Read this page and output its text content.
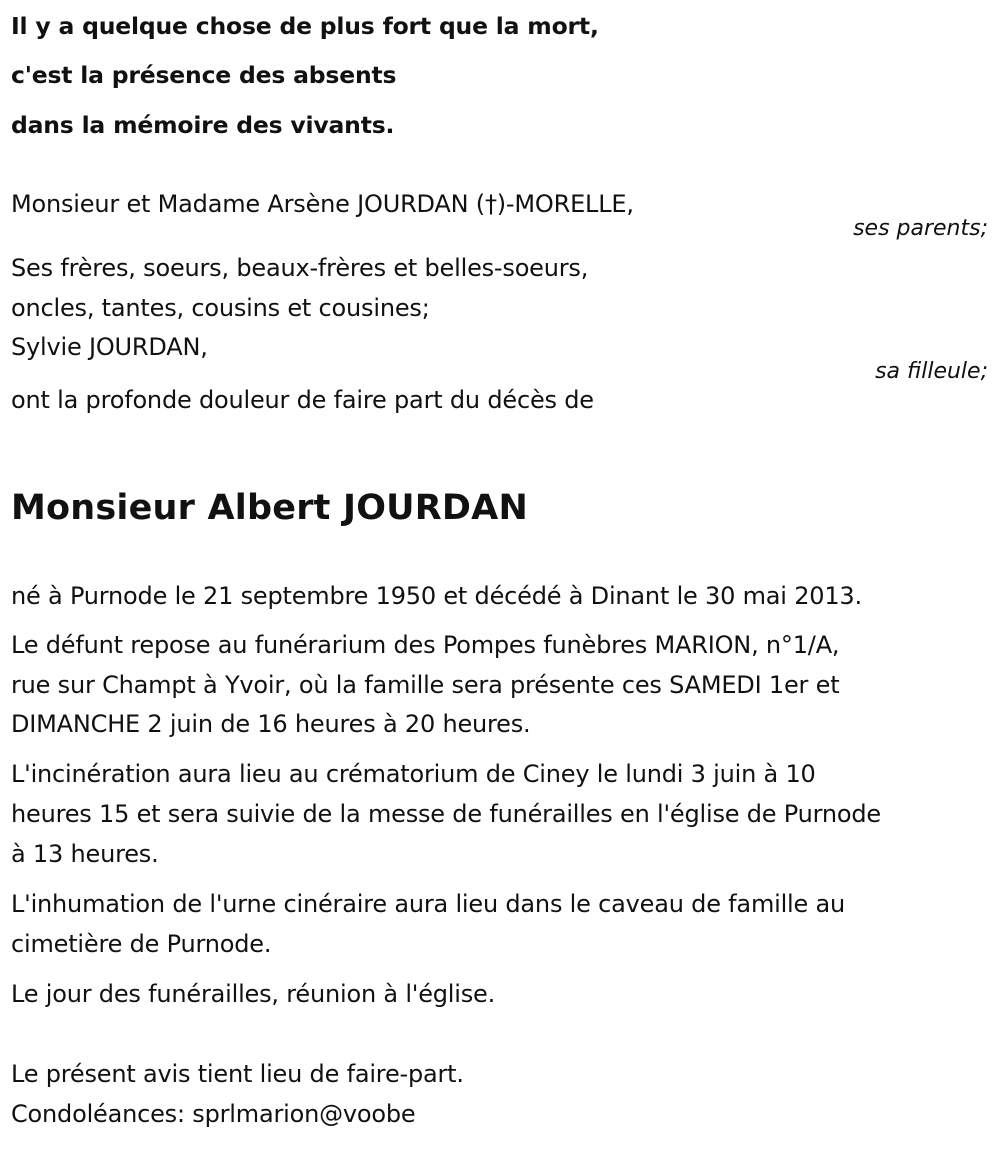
Il y a quelque chose de plus fort que la mort,
c'est la présence des absents
dans la mémoire des vivants.
Monsieur et Madame Arsène JOURDAN (†)-MORELLE,
ses parents;
Ses frères, soeurs, beaux-frères et belles-soeurs,
oncles, tantes, cousins et cousines;
Sylvie JOURDAN,
sa filleule;
ont la profonde douleur de faire part du décès de
Monsieur Albert JOURDAN
né à Purnode le 21 septembre 1950 et décédé à Dinant le 30 mai 2013.
Le défunt repose au funérarium des Pompes funèbres MARION, n°1/A,
rue sur Champt à Yvoir, où la famille sera présente ces SAMEDI 1er et
DIMANCHE 2 juin de 16 heures à 20 heures.
L'incinération aura lieu au crématorium de Ciney le lundi 3 juin à 10
heures 15 et sera suivie de la messe de funérailles en l'église de Purnode
à 13 heures.
L'inhumation de l'urne cinéraire aura lieu dans le caveau de famille au
cimetière de Purnode.
Le jour des funérailles, réunion à l'église.
Le présent avis tient lieu de faire-part.
Condoléances: sprlmarion@voobe
